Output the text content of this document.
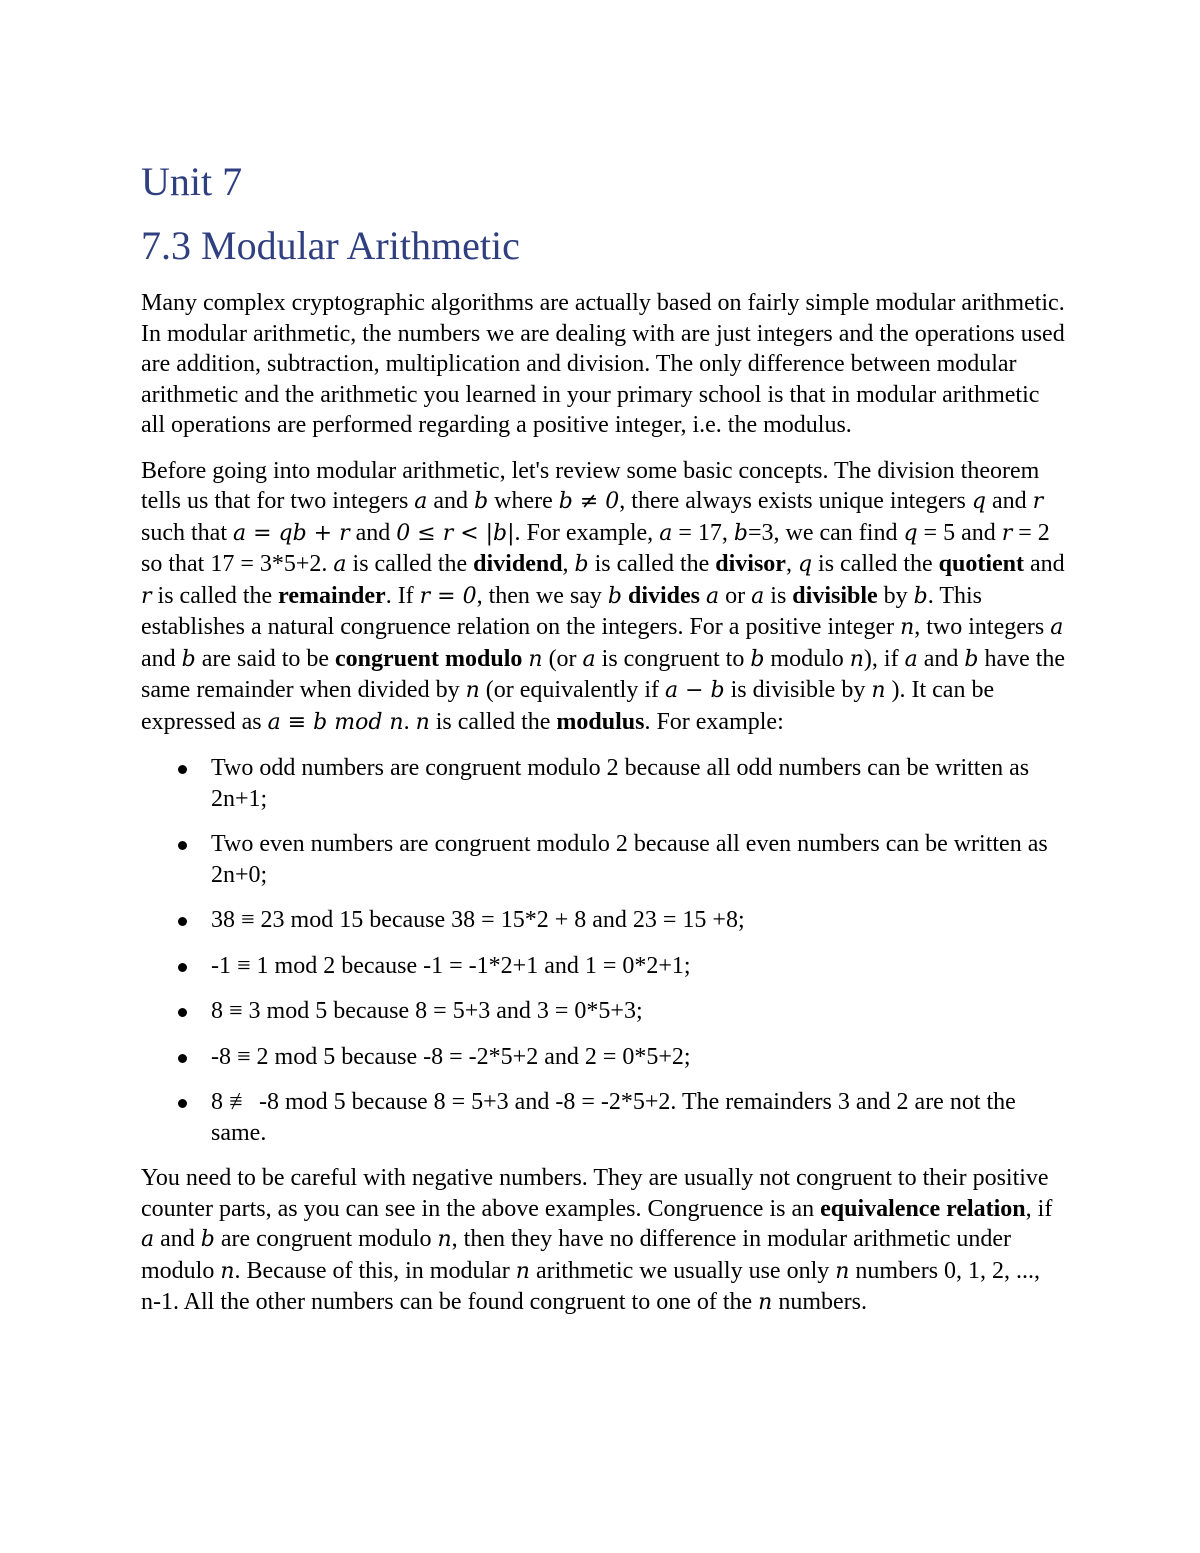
Unit 7
7.3 Modular Arithmetic

Many complex cryptographic algorithms are actually based on fairly simple modular arithmetic. In modular arithmetic, the numbers we are dealing with are just integers and the operations used are addition, subtraction, multiplication and division. The only difference between modular arithmetic and the arithmetic you learned in your primary school is that in modular arithmetic all operations are performed regarding a positive integer, i.e. the modulus.

Before going into modular arithmetic, let's review some basic concepts. The division theorem tells us that for two integers a and b where b ≠ 0, there always exists unique integers q and r such that a = qb + r and 0 ≤ r < |b|. For example, a = 17, b=3, we can find q = 5 and r = 2 so that 17 = 3*5+2. a is called the dividend, b is called the divisor, q is called the quotient and r is called the remainder. If r = 0, then we say b divides a or a is divisible by b. This establishes a natural congruence relation on the integers. For a positive integer n, two integers a and b are said to be congruent modulo n (or a is congruent to b modulo n), if a and b have the same remainder when divided by n (or equivalently if a − b is divisible by n ). It can be expressed as a ≡ b mod n. n is called the modulus. For example:

Two odd numbers are congruent modulo 2 because all odd numbers can be written as 2n+1;
Two even numbers are congruent modulo 2 because all even numbers can be written as 2n+0;
38 ≡ 23 mod 15 because 38 = 15*2 + 8 and 23 = 15 +8;
-1 ≡ 1 mod 2 because -1 = -1*2+1 and 1 = 0*2+1;
8 ≡ 3 mod 5 because 8 = 5+3 and 3 = 0*5+3;
-8 ≡ 2 mod 5 because -8 = -2*5+2 and 2 = 0*5+2;
8 ≢ -8 mod 5 because 8 = 5+3 and -8 = -2*5+2. The remainders 3 and 2 are not the same.

You need to be careful with negative numbers. They are usually not congruent to their positive counter parts, as you can see in the above examples. Congruence is an equivalence relation, if a and b are congruent modulo n, then they have no difference in modular arithmetic under modulo n. Because of this, in modular n arithmetic we usually use only n numbers 0, 1, 2, ..., n-1. All the other numbers can be found congruent to one of the n numbers.
